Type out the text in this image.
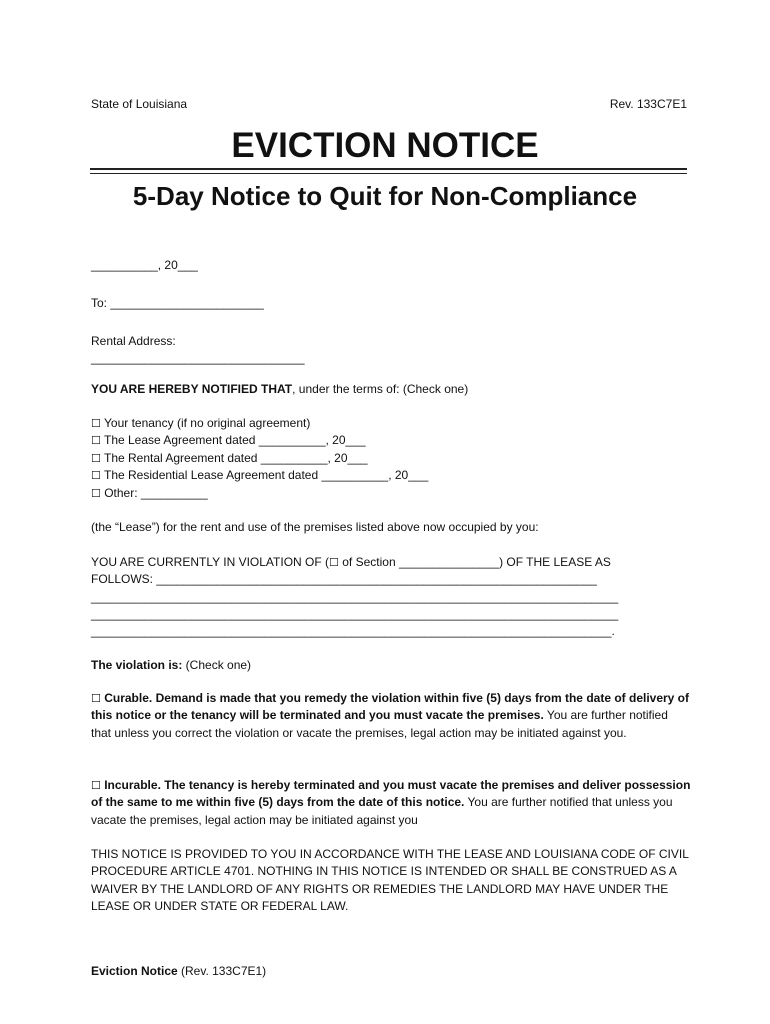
State of Louisiana	Rev. 133C7E1
EVICTION NOTICE
5-Day Notice to Quit for Non-Compliance
__________, 20___
To: _______________________
Rental Address:
________________________________
YOU ARE HEREBY NOTIFIED THAT, under the terms of: (Check one)
☐ Your tenancy (if no original agreement)
☐ The Lease Agreement dated __________, 20___
☐ The Rental Agreement dated __________, 20___
☐ The Residential Lease Agreement dated __________, 20___
☐ Other: __________
(the “Lease”) for the rent and use of the premises listed above now occupied by you:
YOU ARE CURRENTLY IN VIOLATION OF (☐ of Section _______________) OF THE LEASE AS
FOLLOWS: __________________________________________________________________
_______________________________________________________________________________
_______________________________________________________________________________
______________________________________________________________________________.
The violation is: (Check one)
☐ Curable. Demand is made that you remedy the violation within five (5) days from the date of delivery of this notice or the tenancy will be terminated and you must vacate the premises. You are further notified that unless you correct the violation or vacate the premises, legal action may be initiated against you.
☐ Incurable. The tenancy is hereby terminated and you must vacate the premises and deliver possession of the same to me within five (5) days from the date of this notice. You are further notified that unless you vacate the premises, legal action may be initiated against you
THIS NOTICE IS PROVIDED TO YOU IN ACCORDANCE WITH THE LEASE AND LOUISIANA CODE OF CIVIL PROCEDURE ARTICLE 4701. NOTHING IN THIS NOTICE IS INTENDED OR SHALL BE CONSTRUED AS A WAIVER BY THE LANDLORD OF ANY RIGHTS OR REMEDIES THE LANDLORD MAY HAVE UNDER THE LEASE OR UNDER STATE OR FEDERAL LAW.
Eviction Notice (Rev. 133C7E1)
